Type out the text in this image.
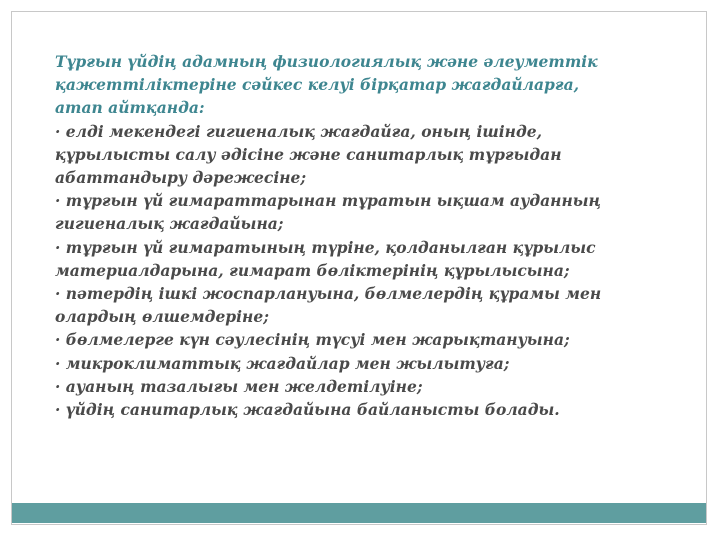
Тұрғын үйдің адамның физиологиялық және әлеуметтік қажеттіліктеріне сәйкес келуі бірқатар жағдайларға, атап айтқанда:

· елді мекендегі гигиеналық жағдайға, оның ішінде, құрылысты салу әдісіне және санитарлық тұрғыдан абаттандыру дәрежесіне;

· тұрғын үй ғимараттарынан тұратын ықшам ауданның гигиеналық жағдайына;

· тұрғын үй ғимаратының түріне, қолданылған құрылыс материалдарына, ғимарат бөліктерінің құрылысына;

· пәтердің ішкі жоспарлануына, бөлмелердің құрамы мен олардың өлшемдеріне;

· бөлмелерге күн сәулесінің түсуі мен жарықтануына;

· микроклиматтық жағдайлар мен жылытуға;

· ауаның тазалығы мен желдетілуіне;

· үйдің санитарлық жағдайына байланысты болады.
